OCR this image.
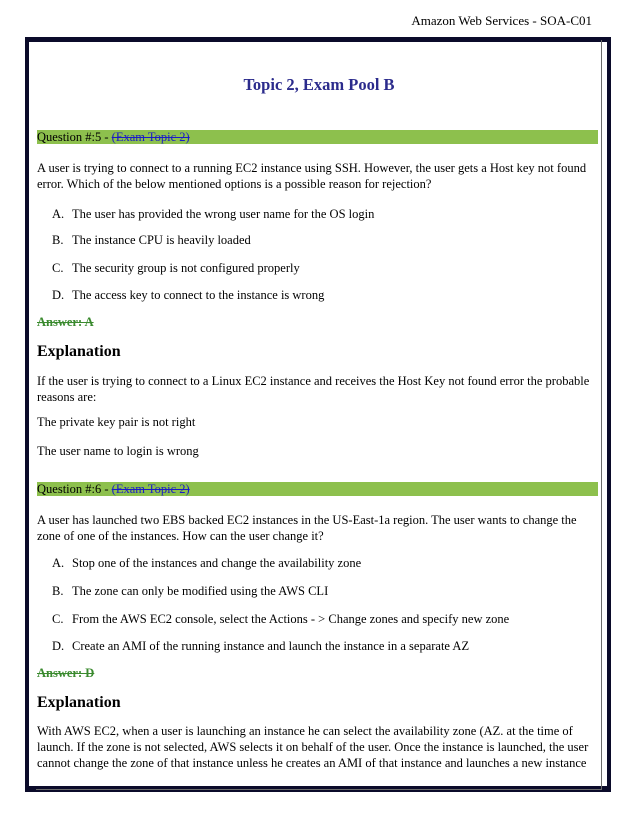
Amazon Web Services - SOA-C01
Topic 2, Exam Pool B
Question #:5 - (Exam Topic 2)
A user is trying to connect to a running EC2 instance using SSH. However, the user gets a Host key not found error. Which of the below mentioned options is a possible reason for rejection?
A. The user has provided the wrong user name for the OS login
B. The instance CPU is heavily loaded
C. The security group is not configured properly
D. The access key to connect to the instance is wrong
Answer: A
Explanation
If the user is trying to connect to a Linux EC2 instance and receives the Host Key not found error the probable reasons are:
The private key pair is not right
The user name to login is wrong
Question #:6 - (Exam Topic 2)
A user has launched two EBS backed EC2 instances in the US-East-1a region. The user wants to change the zone of one of the instances. How can the user change it?
A. Stop one of the instances and change the availability zone
B. The zone can only be modified using the AWS CLI
C. From the AWS EC2 console, select the Actions - > Change zones and specify new zone
D. Create an AMI of the running instance and launch the instance in a separate AZ
Answer: D
Explanation
With AWS EC2, when a user is launching an instance he can select the availability zone (AZ. at the time of launch. If the zone is not selected, AWS selects it on behalf of the user. Once the instance is launched, the user cannot change the zone of that instance unless he creates an AMI of that instance and launches a new instance
